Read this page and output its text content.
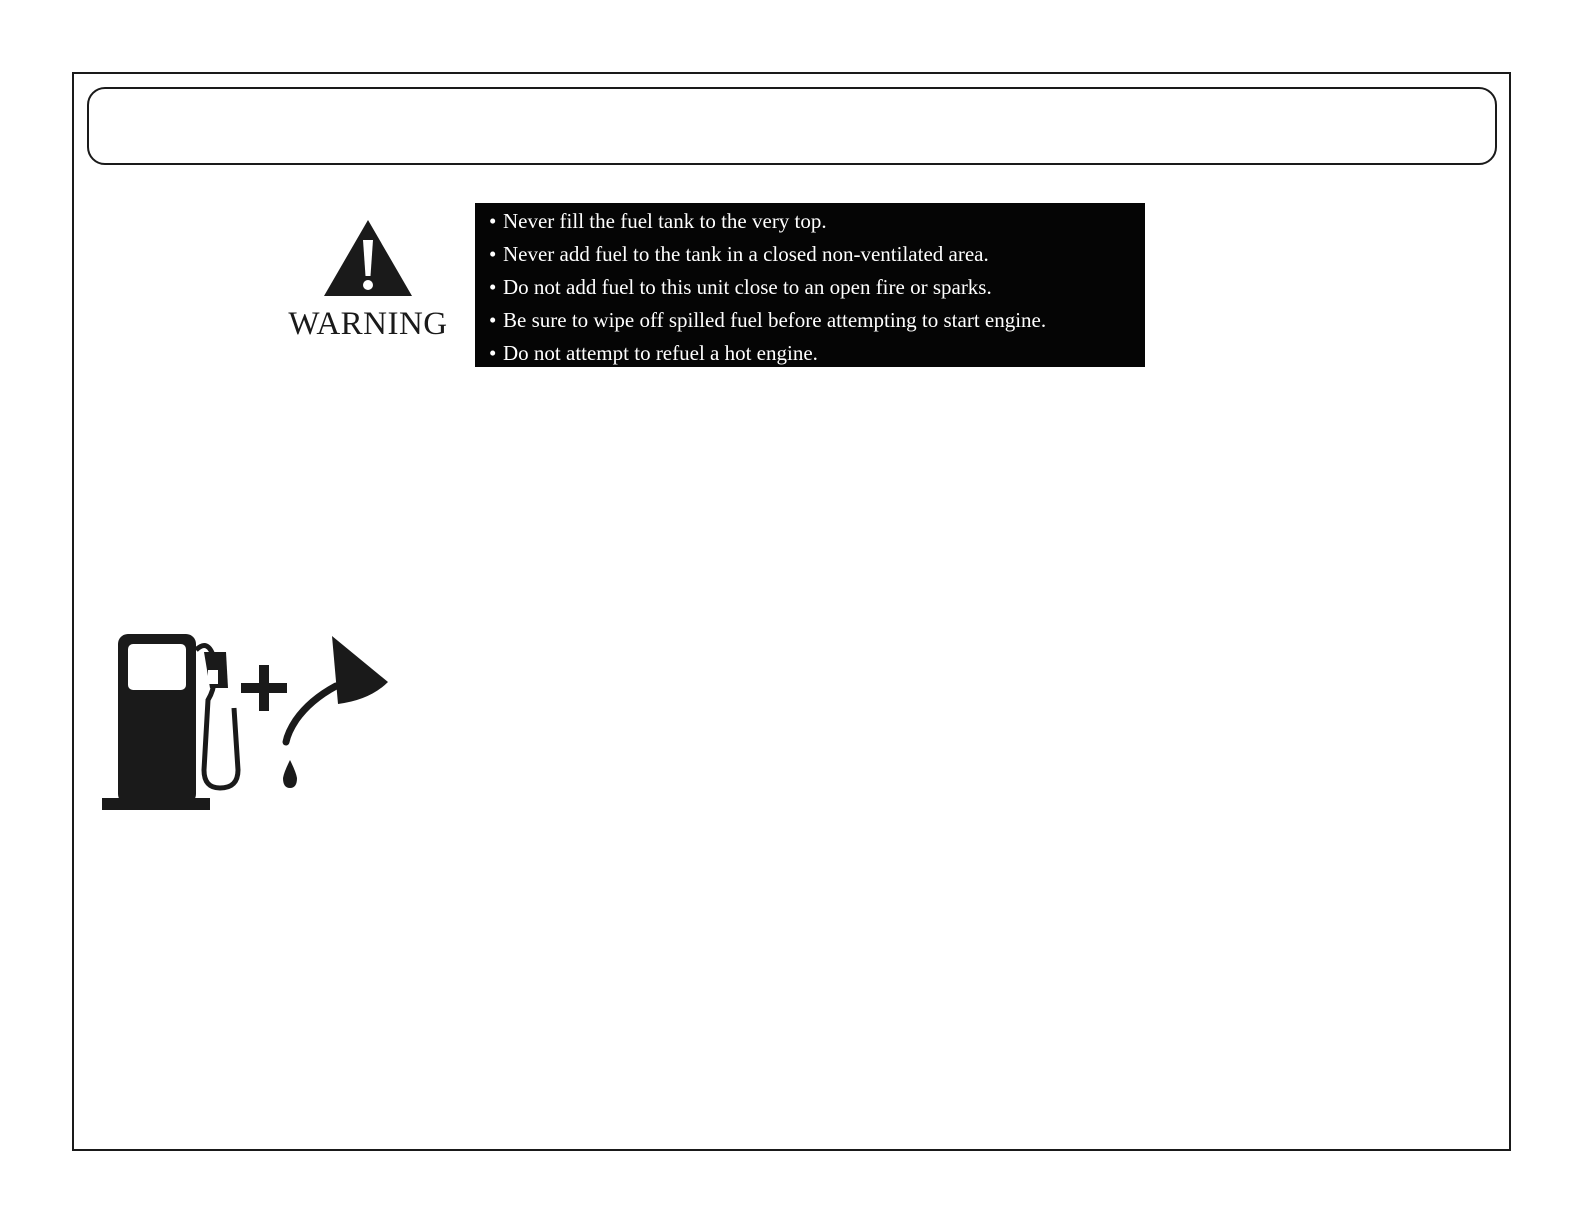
WARNING
• Never fill the fuel tank to the very top.
• Never add fuel to the tank in a closed non-ventilated area.
• Do not add fuel to this unit close to an open fire or sparks.
• Be sure to wipe off spilled fuel before attempting to start engine.
• Do not attempt to refuel a hot engine.
